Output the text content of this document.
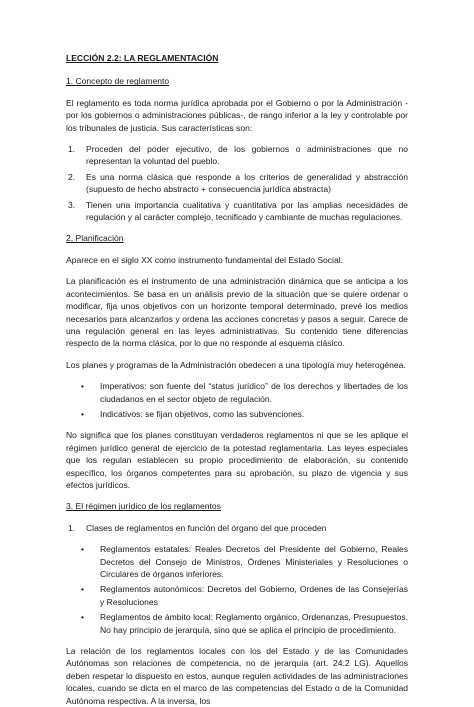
LECCIÓN 2.2: LA REGLAMENTACIÓN
1. Concepto de reglamento

El reglamento es toda norma jurídica aprobada por el Gobierno o por la Administración -por los gobiernos o administraciones públicas-, de rango inferior a la ley y controlable por los tribunales de justicia. Sus características son:

1. Proceden del poder ejecutivo, de los gobiernos o administraciones que no representan la voluntad del pueblo.
2. Es una norma clásica que responde a los criterios de generalidad y abstracción (supuesto de hecho abstracto + consecuencia jurídica abstracta)
3. Tienen una importancia cualitativa y cuantitativa por las amplias necesidades de regulación y al carácter complejo, tecnificado y cambiante de muchas regulaciones.
2. Planificación

Aparece en el siglo XX como instrumento fundamental del Estado Social.

La planificación es el instrumento de una administración dinámica que se anticipa a los acontecimientos. Se basa en un análisis previo de la situación que se quiere ordenar o modificar, fija unos objetivos con un horizonte temporal determinado, prevé los medios necesarios para alcanzarlos y ordena las acciones concretas y pasos a seguir. Carece de una regulación general en las leyes administrativas. Su contenido tiene diferencias respecto de la norma clásica, por lo que no responde al esquema clásico.

Los planes y programas de la Administración obedecen a una tipología muy heterogénea.

• Imperativos: son fuente del “status jurídico” de los derechos y libertades de los ciudadanos en el sector objeto de regulación.
• Indicativos: se fijan objetivos, como las subvenciones.

No significa que los planes constituyan verdaderos reglamentos ni que se les aplique el régimen jurídico general de ejercicio de la potestad reglamentaria. Las leyes especiales que los regulan establecen su propio procedimiento de elaboración, su contenido específico, los órganos competentes para su aprobación, su plazo de vigencia y sus efectos jurídicos.

3. El régimen jurídico de los reglamentos
1. Clases de reglamentos en función del órgano del que proceden
• Reglamentos estatales: Reales Decretos del Presidente del Gobierno, Reales Decretos del Consejo de Ministros, Órdenes Ministeriales y Resoluciones o Circulares de órganos inferiores.
• Reglamentos autonómicos: Decretos del Gobierno, Ordenes de las Consejerías y Resoluciones
• Reglamentos de ámbito local: Reglamento orgánico, Ordenanzas, Presupuestos. No hay principio de jerarquía, sino que se aplica el principio de procedimiento.

La relación de los reglamentos locales con los del Estado y de las Comunidades Autónomas son relaciones de competencia, no de jerarquía (art. 24.2 LG). Aquellos deben respetar lo dispuesto en estos, aunque regulen actividades de las administraciones locales, cuando se dicta en el marco de las competencias del Estado o de la Comunidad Autónoma respectiva. A la inversa, los
